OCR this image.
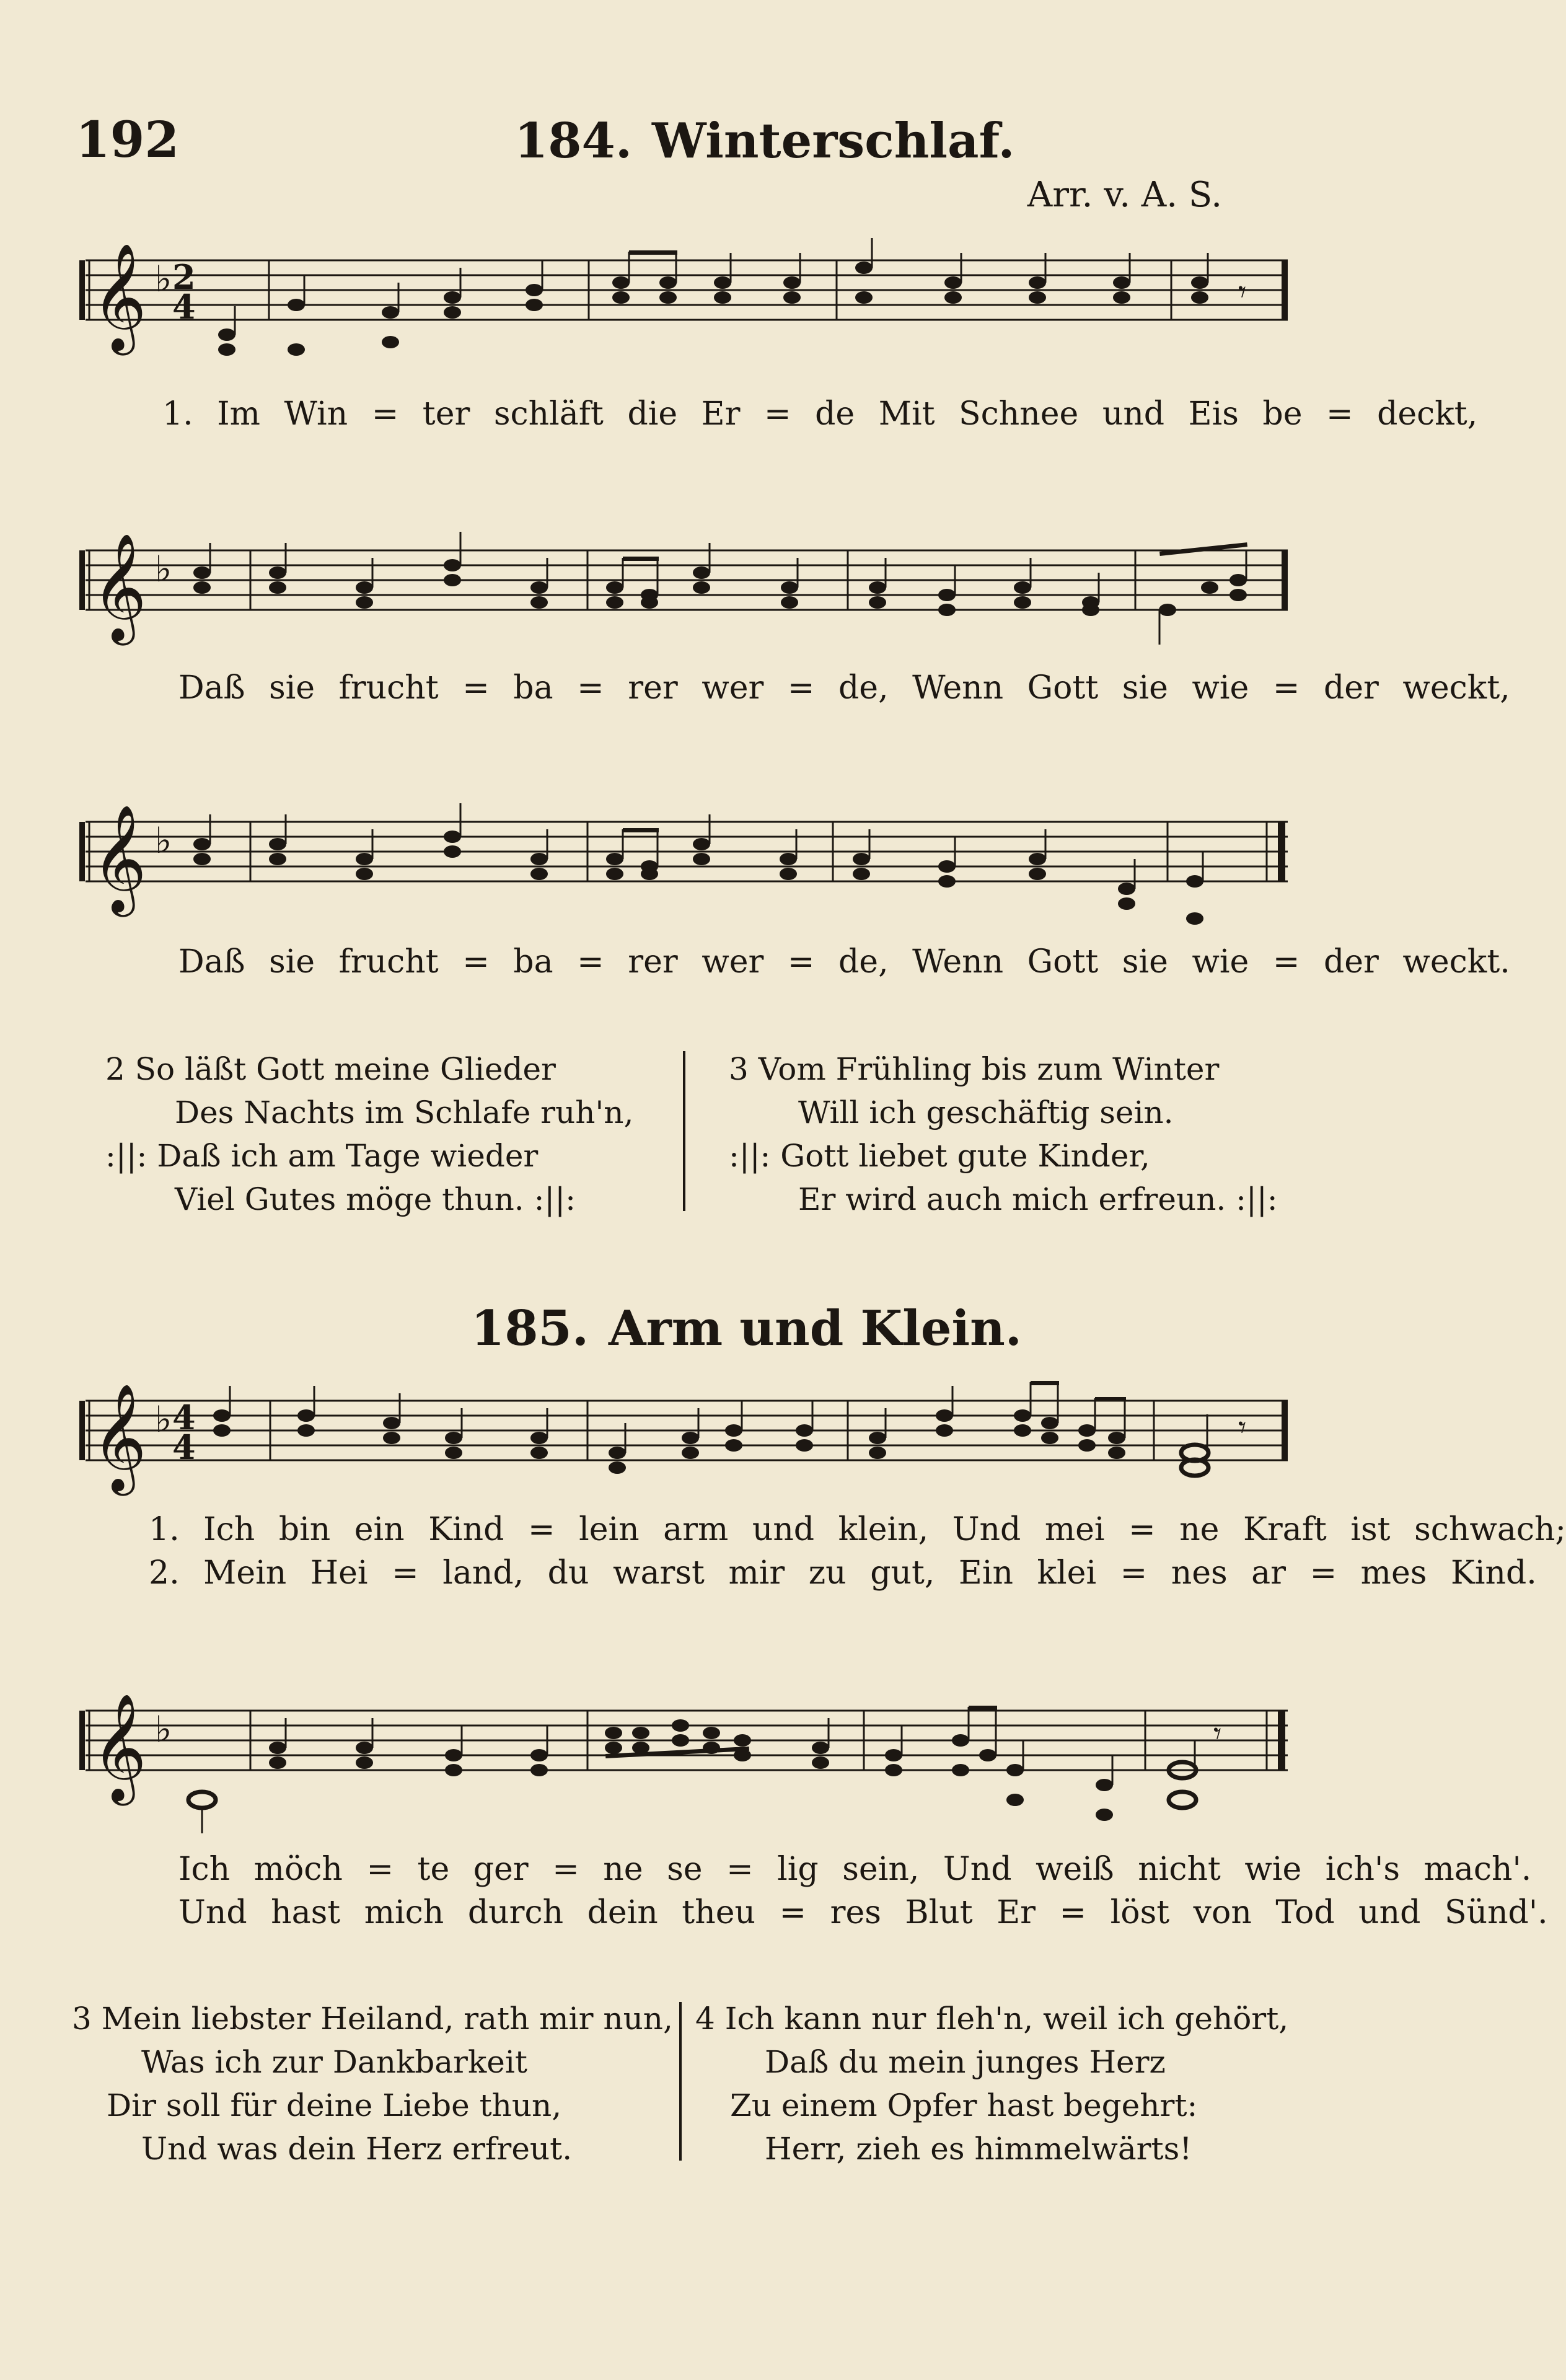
192	184. Winterschlaf.
Arr. v. A. S.
𝄞 ♭ 2
4	𝄾
1. Im Win = ter schläft die Er = de Mit Schnee und Eis be = deckt,
𝄞 ♭
Daß sie frucht = ba = rer wer = de, Wenn Gott sie wie = der weckt,
𝄞 ♭
Daß sie frucht = ba = rer wer = de, Wenn Gott sie wie = der weckt.
2 So läßt Gott meine Glieder
Des Nachts im Schlafe ruh'n,
:||: Daß ich am Tage wieder
Viel Gutes möge thun. :||:
3 Vom Frühling bis zum Winter
Will ich geschäftig sein.
:||: Gott liebet gute Kinder,
Er wird auch mich erfreun. :||:
185. Arm und Klein.
𝄞 ♭ 4
4	𝄾
1. Ich bin ein Kind = lein arm und klein, Und mei = ne Kraft ist schwach;
2. Mein Hei = land, du warst mir zu gut, Ein klei = nes ar = mes Kind.
𝄞 ♭	𝄾
Ich möch = te ger = ne se = lig sein, Und weiß nicht wie ich's mach'.
Und hast mich durch dein theu = res Blut Er = löst von Tod und Sünd'.
3 Mein liebster Heiland, rath mir nun,
Was ich zur Dankbarkeit
Dir soll für deine Liebe thun,
Und was dein Herz erfreut.
4 Ich kann nur fleh'n, weil ich gehört,
Daß du mein junges Herz
Zu einem Opfer hast begehrt:
Herr, zieh es himmelwärts!
